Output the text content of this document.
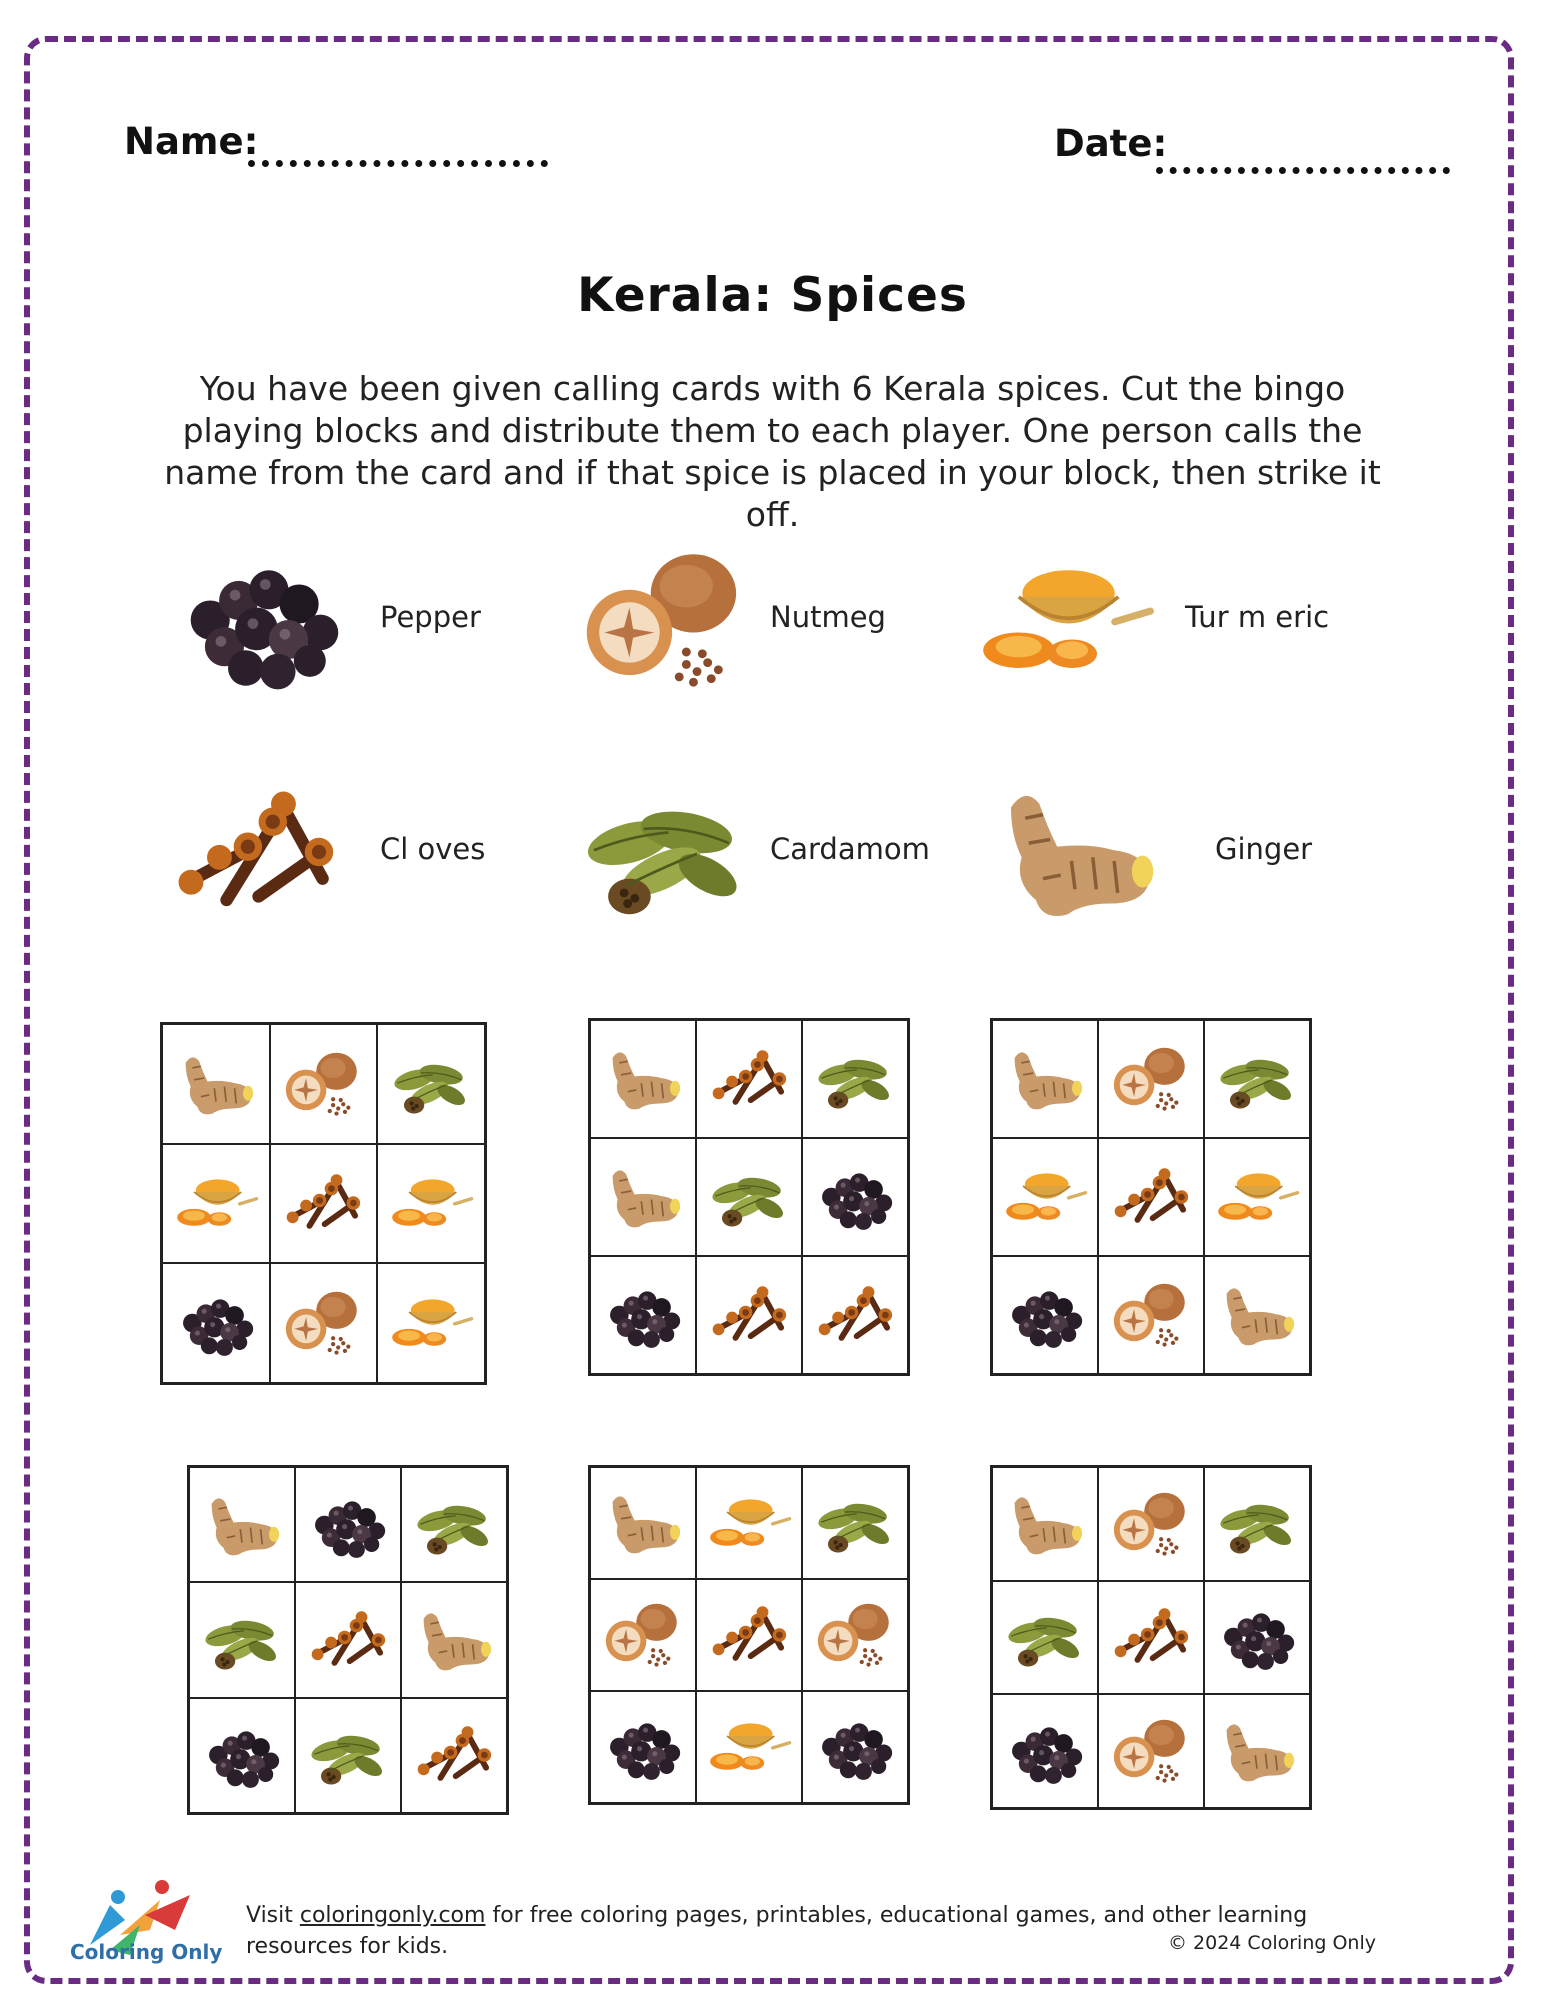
Name:	Date:
Kerala: Spices
You have been given calling cards with 6 Kerala spices. Cut the bingo playing blocks and distribute them to each player. One person calls the name from the card and if that spice is placed in your block, then strike it off.
Pepper	Nutmeg	Tur m eric
Cl oves	Cardamom	Ginger
Coloring Only
Visit coloringonly.com for free coloring pages, printables, educational games, and other learning resources for kids.	© 2024 Coloring Only
